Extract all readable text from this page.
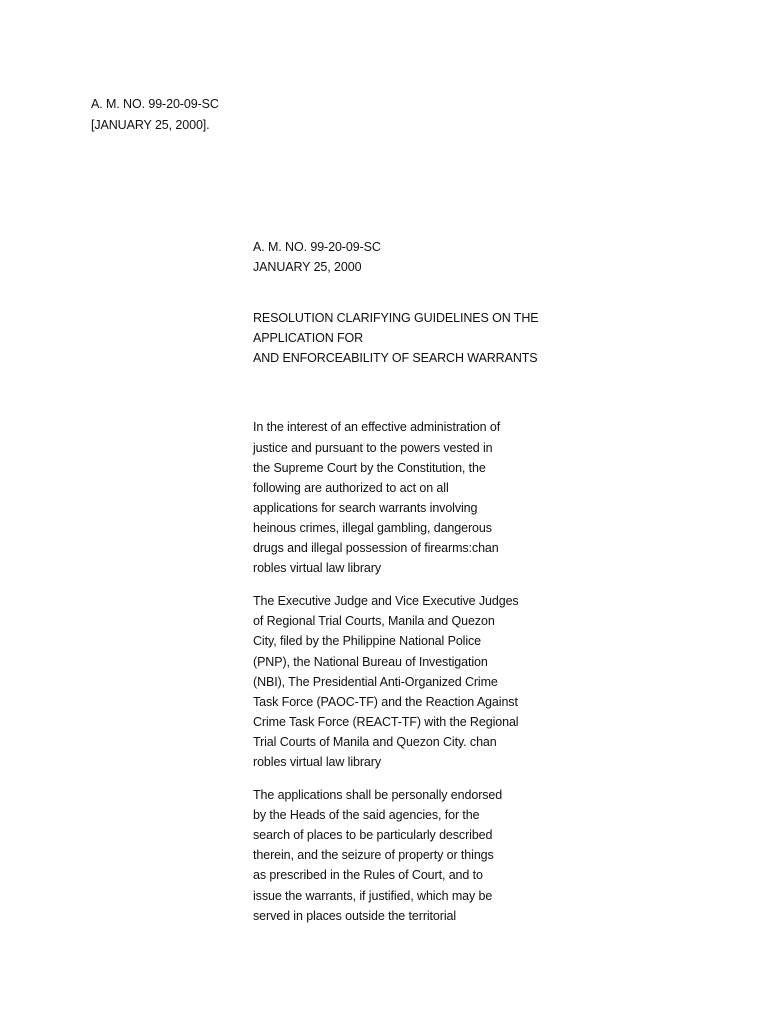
A. M. NO. 99-20-09-SC
[JANUARY 25, 2000].
A. M. NO. 99-20-09-SC
JANUARY 25, 2000
RESOLUTION CLARIFYING GUIDELINES ON THE
APPLICATION FOR
AND ENFORCEABILITY OF SEARCH WARRANTS
In the interest of an effective administration of
justice and pursuant to the powers vested in
the Supreme Court by the Constitution, the
following are authorized to act on all
applications for search warrants involving
heinous crimes, illegal gambling, dangerous
drugs and illegal possession of firearms:chan
robles virtual law library
The Executive Judge and Vice Executive Judges
of Regional Trial Courts, Manila and Quezon
City, filed by the Philippine National Police
(PNP), the National Bureau of Investigation
(NBI), The Presidential Anti-Organized Crime
Task Force (PAOC-TF) and the Reaction Against
Crime Task Force (REACT-TF) with the Regional
Trial Courts of Manila and Quezon City. chan
robles virtual law library
The applications shall be personally endorsed
by the Heads of the said agencies, for the
search of places to be particularly described
therein, and the seizure of property or things
as prescribed in the Rules of Court, and to
issue the warrants, if justified, which may be
served in places outside the territorial
